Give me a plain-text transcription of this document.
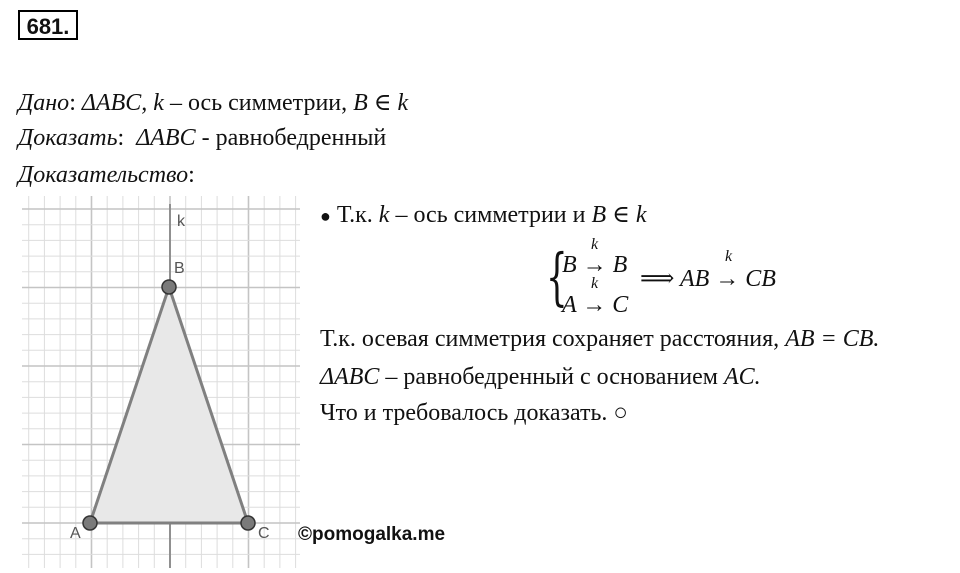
681.
Дано: ΔABC, k – ось симметрии, B ∈ k
Доказать: ΔABC - равнобедренный
Доказательство:
k
A
B
C
● Т.к. k – ось симметрии и B ∈ k
{ k
B → B
k
A → C
k
⟹ AB → CB
Т.к. осевая симметрия сохраняет расстояния, AB = CB.
ΔABC – равнобедренный с основанием AC.
Что и требовалось доказать. ○
©pomogalka.me
